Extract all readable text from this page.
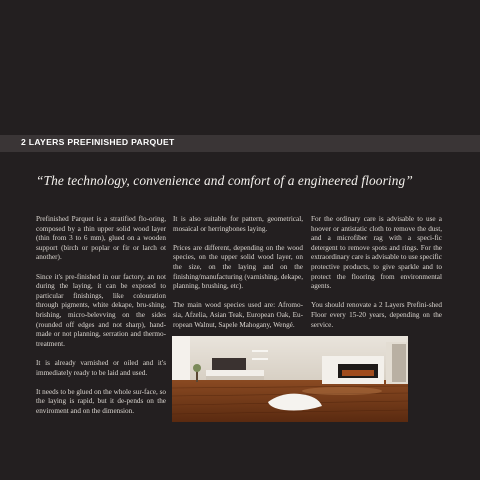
2 LAYERS PREFINISHED PARQUET
“The technology, convenience and comfort of a engineered flooring”

Prefinished Parquet is a stratified flo-oring, composed by a thin upper solid wood layer (thin from 3 to 6 mm), glued on a wooden support (birch or poplar or fir or larch ot another).

Since it's pre-finished in our factory, an not during the laying, it can be exposed to particular finishings, like colouration through pigments, white dekape, bru-shing, brishing, micro-belevving on the sides (rounded off edges and not sharp), hand-made or not planning, serration and thermo-treatment.

It is already varnished or oiled and it's immediately ready to be laid and used.

It needs to be glued on the whole sur-face, so the laying is rapid, but it de-pends on the enviroment and on the dimension.

It is also suitable for pattern, geometrical, mosaical or herringbones laying.

Prices are different, depending on the wood species, on the upper solid wood layer, on the size, on the laying and on the finishing/manufacturing (varnishing, dekape, planning, brushing, etc).

The main wood species used are: Afromo-sia, Afzelia, Asian Teak, European Oak, Eu-ropean Walnut, Sapele Mahogany, Wengé.

For the ordinary care is advisable to use a hoover or antistatic cloth to remove the dust, and a microfiber rag with a speci-fic detergent to remove spots and rings. For the extraordinary care is advisable to use specific protective products, to give sparkle and to protect the flooring from environmental agents.

You should renovate a 2 Layers Prefini-shed Floor every 15-20 years, depending on the service.
